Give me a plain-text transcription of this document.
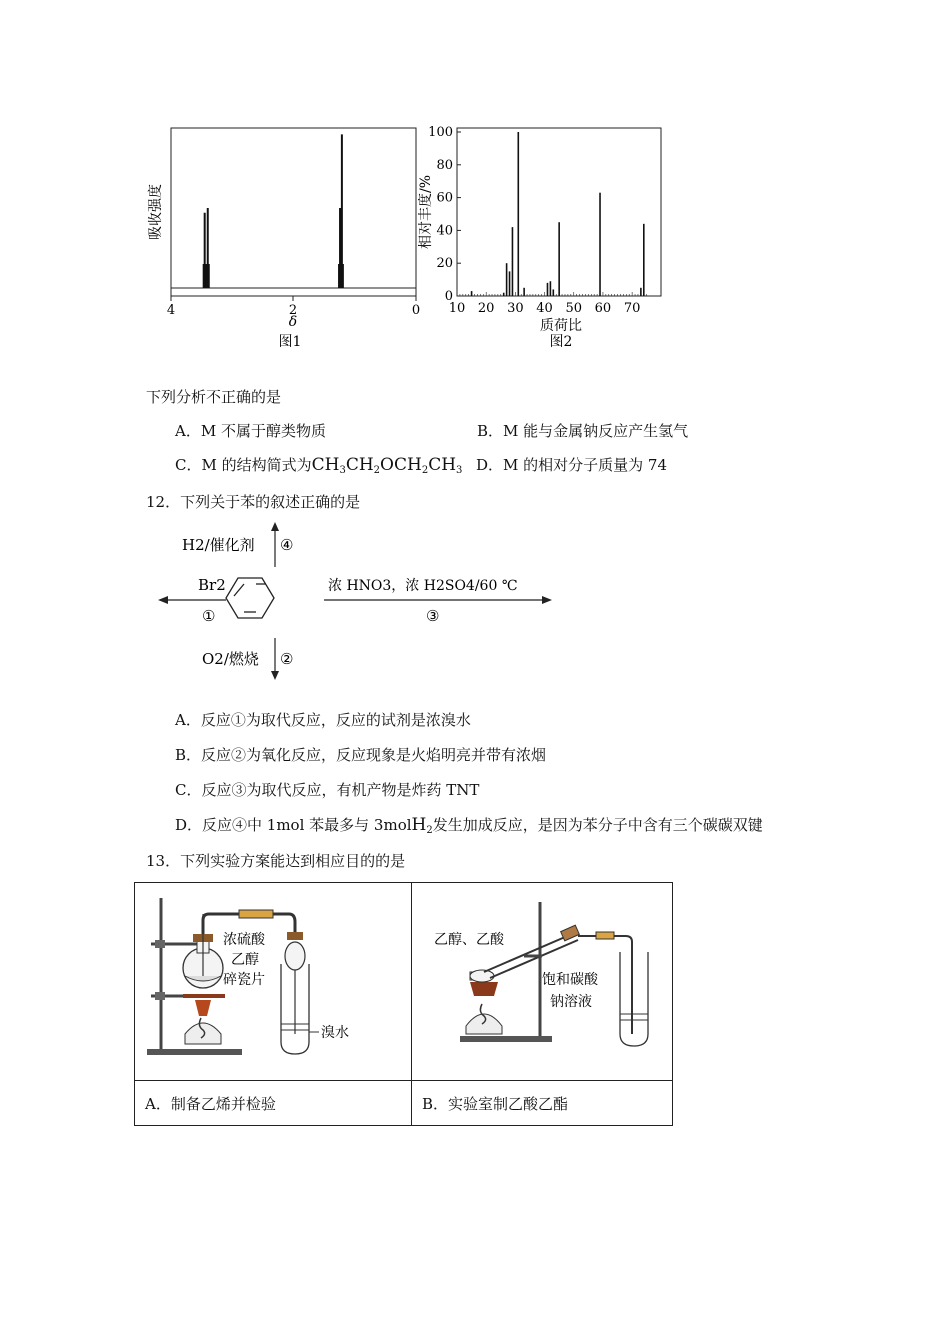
4	2	0
δ
吸收强度
图1
0
20
40
60
80
100
10 20 30 40 50 60 70
相对丰度/%
质荷比
图2
下列分析不正确的是
A．M 不属于醇类物质	B．M 能与金属钠反应产生氢气
C．M 的结构简式为$CH_3CH_2OCH_2CH_3$ D．M 的相对分子质量为 74
12．下列关于苯的叙述正确的是
H2/催化剂 ④
Br2
①
浓 HNO3，浓 H2SO4/60 ℃
③
O2/燃烧 ②
A．反应①为取代反应，反应的试剂是浓溴水
B．反应②为氧化反应，反应现象是火焰明亮并带有浓烟
C．反应③为取代反应，有机产物是炸药 TNT
D．反应④中 1mol 苯最多与 3molH$_2$发生加成反应，是因为苯分子中含有三个碳碳双键
13．下列实验方案能达到相应目的的是
浓硫酸
乙醇
碎瓷片
溴水	乙醇、乙酸
饱和碳酸
钠溶液

A．制备乙烯并检验	B．实验室制乙酸乙酯
